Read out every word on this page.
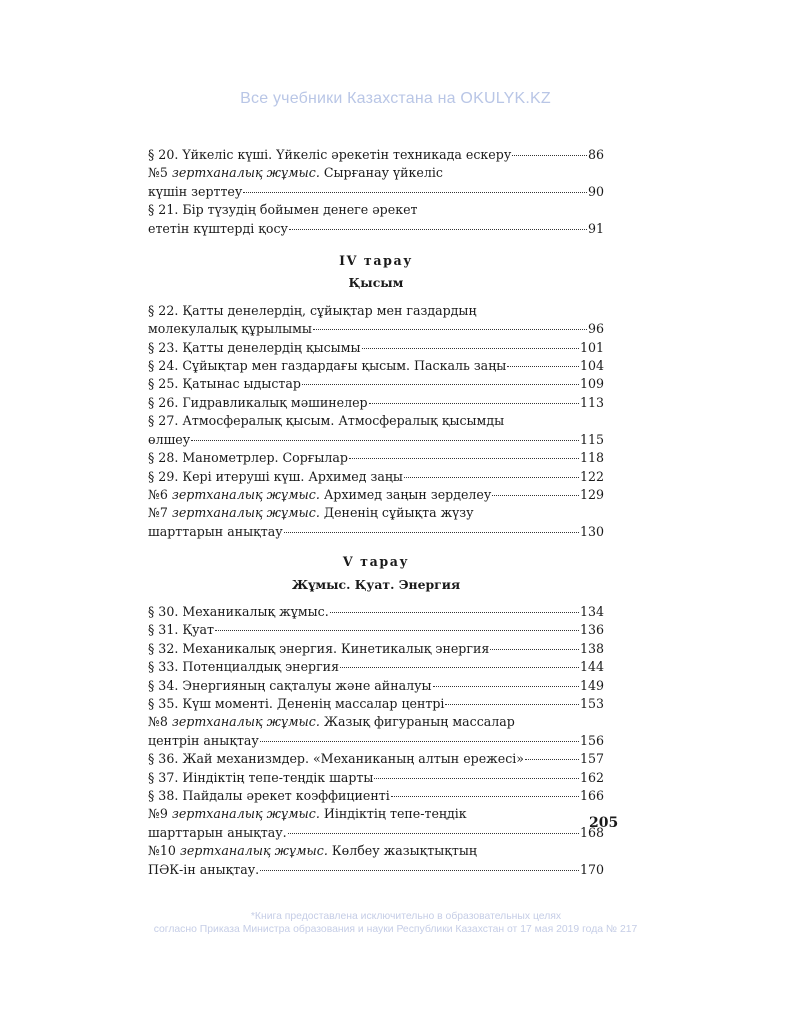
Все учебники Казахстана на OKULYK.KZ
§ 20. Үйкеліс күші. Үйкеліс әрекетін техникада ескеру	86
№5 зертханалық жұмыс. Сырғанау үйкеліс
күшін зерттеу	90
§ 21. Бір түзудің бойымен денеге әрекет
ететін күштерді қосу	91
IV тарау
Қысым
§ 22. Қатты денелердің, сұйықтар мен газдардың
молекулалық құрылымы	96
§ 23. Қатты денелердің қысымы	101
§ 24. Сұйықтар мен газдардағы қысым. Паскаль заңы	104
§ 25. Қатынас ыдыстар	109
§ 26. Гидравликалық мәшинелер	113
§ 27. Атмосфералық қысым. Атмосфералық қысымды
өлшеу	115
§ 28. Манометрлер. Сорғылар	118
§ 29. Кері итеруші күш. Архимед заңы	122
№6 зертханалық жұмыс. Архимед заңын зерделеу	129
№7 зертханалық жұмыс. Дененің сұйықта жүзу
шарттарын анықтау	130
V тарау
Жұмыс. Қуат. Энергия
§ 30. Механикалық жұмыс.	134
§ 31. Қуат	136
§ 32. Механикалық энергия. Кинетикалық энергия	138
§ 33. Потенциалдық энергия	144
§ 34. Энергияның сақталуы және айналуы	149
§ 35. Күш моменті. Дененің массалар центрі	153
№8 зертханалық жұмыс. Жазық фигураның массалар
центрін анықтау	156
§ 36. Жай механизмдер. «Механиканың алтын ережесі»	157
§ 37. Иіндіктің тепе-теңдік шарты	162
§ 38. Пайдалы әрекет коэффициенті	166
№9 зертханалық жұмыс. Иіндіктің тепе-теңдік
шарттарын анықтау.	168
№10 зертханалық жұмыс. Көлбеу жазықтықтың
ПӘК-ін анықтау.	170
205
*Книга предоставлена исключительно в образовательных целях
согласно Приказа Министра образования и науки Республики Казахстан от 17 мая 2019 года № 217
